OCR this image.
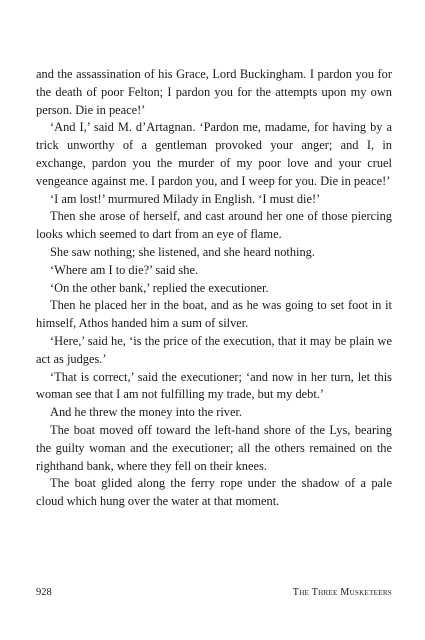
and the assassination of his Grace, Lord Buckingham. I pardon you for the death of poor Felton; I pardon you for the attempts upon my own person. Die in peace!’

‘And I,’ said M. d’Artagnan. ‘Pardon me, madame, for having by a trick unworthy of a gentleman provoked your anger; and I, in exchange, pardon you the murder of my poor love and your cruel vengeance against me. I pardon you, and I weep for you. Die in peace!’

‘I am lost!’ murmured Milady in English. ‘I must die!’

Then she arose of herself, and cast around her one of those piercing looks which seemed to dart from an eye of flame.

She saw nothing; she listened, and she heard nothing.

‘Where am I to die?’ said she.

‘On the other bank,’ replied the executioner.

Then he placed her in the boat, and as he was going to set foot in it himself, Athos handed him a sum of silver.

‘Here,’ said he, ‘is the price of the execution, that it may be plain we act as judges.’

‘That is correct,’ said the executioner; ‘and now in her turn, let this woman see that I am not fulfilling my trade, but my debt.’

And he threw the money into the river.

The boat moved off toward the left-hand shore of the Lys, bearing the guilty woman and the executioner; all the others remained on the righthand bank, where they fell on their knees.

The boat glided along the ferry rope under the shadow of a pale cloud which hung over the water at that moment.

928	The Three Musketeers
